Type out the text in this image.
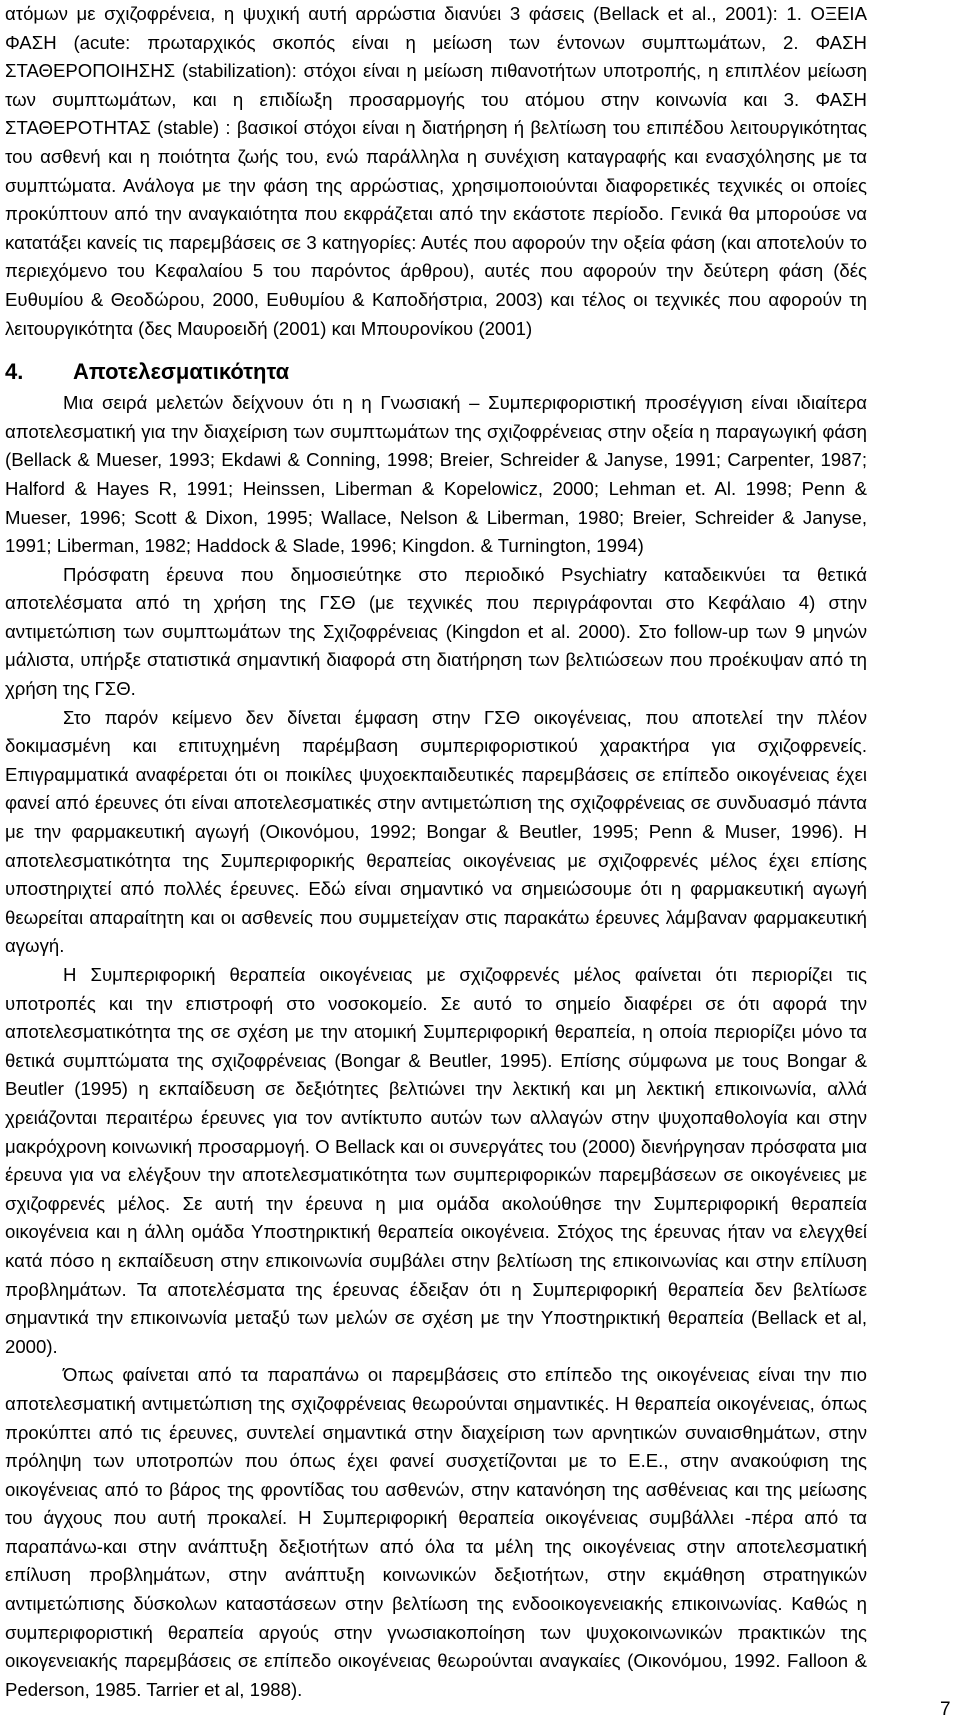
ατόμων με σχιζοφρένεια, η ψυχική αυτή αρρώστια διανύει 3 φάσεις (Bellack et al., 2001): 1. ΟΞΕΙΑ ΦΑΣΗ (acute: πρωταρχικός σκοπός είναι η μείωση των έντονων συμπτωμάτων, 2. ΦΑΣΗ ΣΤΑΘΕΡΟΠΟΙΗΣΗΣ (stabilization): στόχοι είναι η μείωση πιθανοτήτων υποτροπής, η επιπλέον μείωση των συμπτωμάτων, και η επιδίωξη προσαρμογής του ατόμου στην κοινωνία και 3. ΦΑΣΗ ΣΤΑΘΕΡΟΤΗΤΑΣ (stable) : βασικοί στόχοι είναι η διατήρηση ή βελτίωση του επιπέδου λειτουργικότητας του ασθενή και η ποιότητα ζωής του, ενώ παράλληλα η συνέχιση καταγραφής και ενασχόλησης με τα συμπτώματα. Ανάλογα με την φάση της αρρώστιας, χρησιμοποιούνται διαφορετικές τεχνικές οι οποίες προκύπτουν από την αναγκαιότητα που εκφράζεται από την εκάστοτε περίοδο. Γενικά θα μπορούσε να κατατάξει κανείς τις παρεμβάσεις σε 3 κατηγορίες: Αυτές που αφορούν την οξεία φάση (και αποτελούν το περιεχόμενο του Κεφαλαίου 5 του παρόντος άρθρου), αυτές που αφορούν την δεύτερη φάση (δές Ευθυμίου & Θεοδώρου, 2000, Ευθυμίου & Καποδήστρια, 2003) και τέλος οι τεχνικές που αφορούν τη λειτουργικότητα (δες Μαυροειδή (2001) και Μπουρονίκου (2001)

4.	Αποτελεσματικότητα

Μια σειρά μελετών δείχνουν ότι η η Γνωσιακή – Συμπεριφοριστική προσέγγιση είναι ιδιαίτερα αποτελεσματική για την διαχείριση των συμπτωμάτων της σχιζοφρένειας στην οξεία η παραγωγική φάση (Bellack & Mueser, 1993; Ekdawi & Conning, 1998; Breier, Schreider & Janyse, 1991; Carpenter, 1987; Halford & Hayes R, 1991; Heinssen, Liberman & Kopelowicz, 2000; Lehman et. Al. 1998; Penn & Mueser, 1996; Scott & Dixon, 1995; Wallace, Nelson & Liberman, 1980; Breier, Schreider & Janyse, 1991; Liberman, 1982; Haddock & Slade, 1996; Kingdon. & Turnington, 1994)

Πρόσφατη έρευνα που δημοσιεύτηκε στο περιοδικό Psychiatry καταδεικνύει τα θετικά αποτελέσματα από τη χρήση της ΓΣΘ (με τεχνικές που περιγράφονται στο Κεφάλαιο 4) στην αντιμετώπιση των συμπτωμάτων της Σχιζοφρένειας (Kingdon et al. 2000). Στο follow-up των 9 μηνών μάλιστα, υπήρξε στατιστικά σημαντική διαφορά στη διατήρηση των βελτιώσεων που προέκυψαν από τη χρήση της ΓΣΘ.

Στο παρόν κείμενο δεν δίνεται έμφαση στην ΓΣΘ οικογένειας, που αποτελεί την πλέον δοκιμασμένη και επιτυχημένη παρέμβαση συμπεριφοριστικού χαρακτήρα για σχιζοφρενείς. Επιγραμματικά αναφέρεται ότι οι ποικίλες ψυχοεκπαιδευτικές παρεμβάσεις σε επίπεδο οικογένειας έχει φανεί από έρευνες ότι είναι αποτελεσματικές στην αντιμετώπιση της σχιζοφρένειας σε συνδυασμό πάντα με την φαρμακευτική αγωγή (Οικονόμου, 1992; Bongar & Beutler, 1995; Penn & Muser, 1996). Η αποτελεσματικότητα της Συμπεριφορικής θεραπείας οικογένειας με σχιζοφρενές μέλος έχει επίσης υποστηριχτεί από πολλές έρευνες. Εδώ είναι σημαντικό να σημειώσουμε ότι η φαρμακευτική αγωγή θεωρείται απαραίτητη και οι ασθενείς που συμμετείχαν στις παρακάτω έρευνες λάμβαναν φαρμακευτική αγωγή.

Η Συμπεριφορική θεραπεία οικογένειας με σχιζοφρενές μέλος φαίνεται ότι περιορίζει τις υποτροπές και την επιστροφή στο νοσοκομείο. Σε αυτό το σημείο διαφέρει σε ότι αφορά την αποτελεσματικότητα της σε σχέση με την ατομική Συμπεριφορική θεραπεία, η οποία περιορίζει μόνο τα θετικά συμπτώματα της σχιζοφρένειας (Bongar & Beutler, 1995). Επίσης σύμφωνα με τους Bongar & Beutler (1995) η εκπαίδευση σε δεξιότητες βελτιώνει την λεκτική και μη λεκτική επικοινωνία, αλλά χρειάζονται περαιτέρω έρευνες για τον αντίκτυπο αυτών των αλλαγών στην ψυχοπαθολογία και στην μακρόχρονη κοινωνική προσαρμογή. Ο Bellack και οι συνεργάτες του (2000) διενήργησαν πρόσφατα μια έρευνα για να ελέγξουν την αποτελεσματικότητα των συμπεριφορικών παρεμβάσεων σε οικογένειες με σχιζοφρενές μέλος. Σε αυτή την έρευνα η μια ομάδα ακολούθησε την Συμπεριφορική θεραπεία οικογένεια και η άλλη ομάδα Υποστηρικτική θεραπεία οικογένεια. Στόχος της έρευνας ήταν να ελεγχθεί κατά πόσο η εκπαίδευση στην επικοινωνία συμβάλει στην βελτίωση της επικοινωνίας και στην επίλυση προβλημάτων. Τα αποτελέσματα της έρευνας έδειξαν ότι η Συμπεριφορική θεραπεία δεν βελτίωσε σημαντικά την επικοινωνία μεταξύ των μελών σε σχέση με την Υποστηρικτική θεραπεία (Bellack et al, 2000).

Όπως φαίνεται από τα παραπάνω οι παρεμβάσεις στο επίπεδο της οικογένειας είναι την πιο αποτελεσματική αντιμετώπιση της σχιζοφρένειας θεωρούνται σημαντικές. Η θεραπεία οικογένειας, όπως προκύπτει από τις έρευνες, συντελεί σημαντικά στην διαχείριση των αρνητικών συναισθημάτων, στην πρόληψη των υποτροπών που όπως έχει φανεί συσχετίζονται με το Ε.Ε., στην ανακούφιση της οικογένειας από το βάρος της φροντίδας του ασθενών, στην κατανόηση της ασθένειας και της μείωσης του άγχους που αυτή προκαλεί. Η Συμπεριφορική θεραπεία οικογένειας συμβάλλει -πέρα από τα παραπάνω-και στην ανάπτυξη δεξιοτήτων από όλα τα μέλη της οικογένειας στην αποτελεσματική επίλυση προβλημάτων, στην ανάπτυξη κοινωνικών δεξιοτήτων, στην εκμάθηση στρατηγικών αντιμετώπισης δύσκολων καταστάσεων στην βελτίωση της ενδοοικογενειακής επικοινωνίας. Καθώς η συμπεριφοριστική θεραπεία αργούς στην γνωσιακοποίηση των ψυχοκοινωνικών πρακτικών της οικογενειακής παρεμβάσεις σε επίπεδο οικογένειας θεωρούνται αναγκαίες (Οικονόμου, 1992. Falloon & Pederson, 1985. Tarrier et al, 1988).

7
